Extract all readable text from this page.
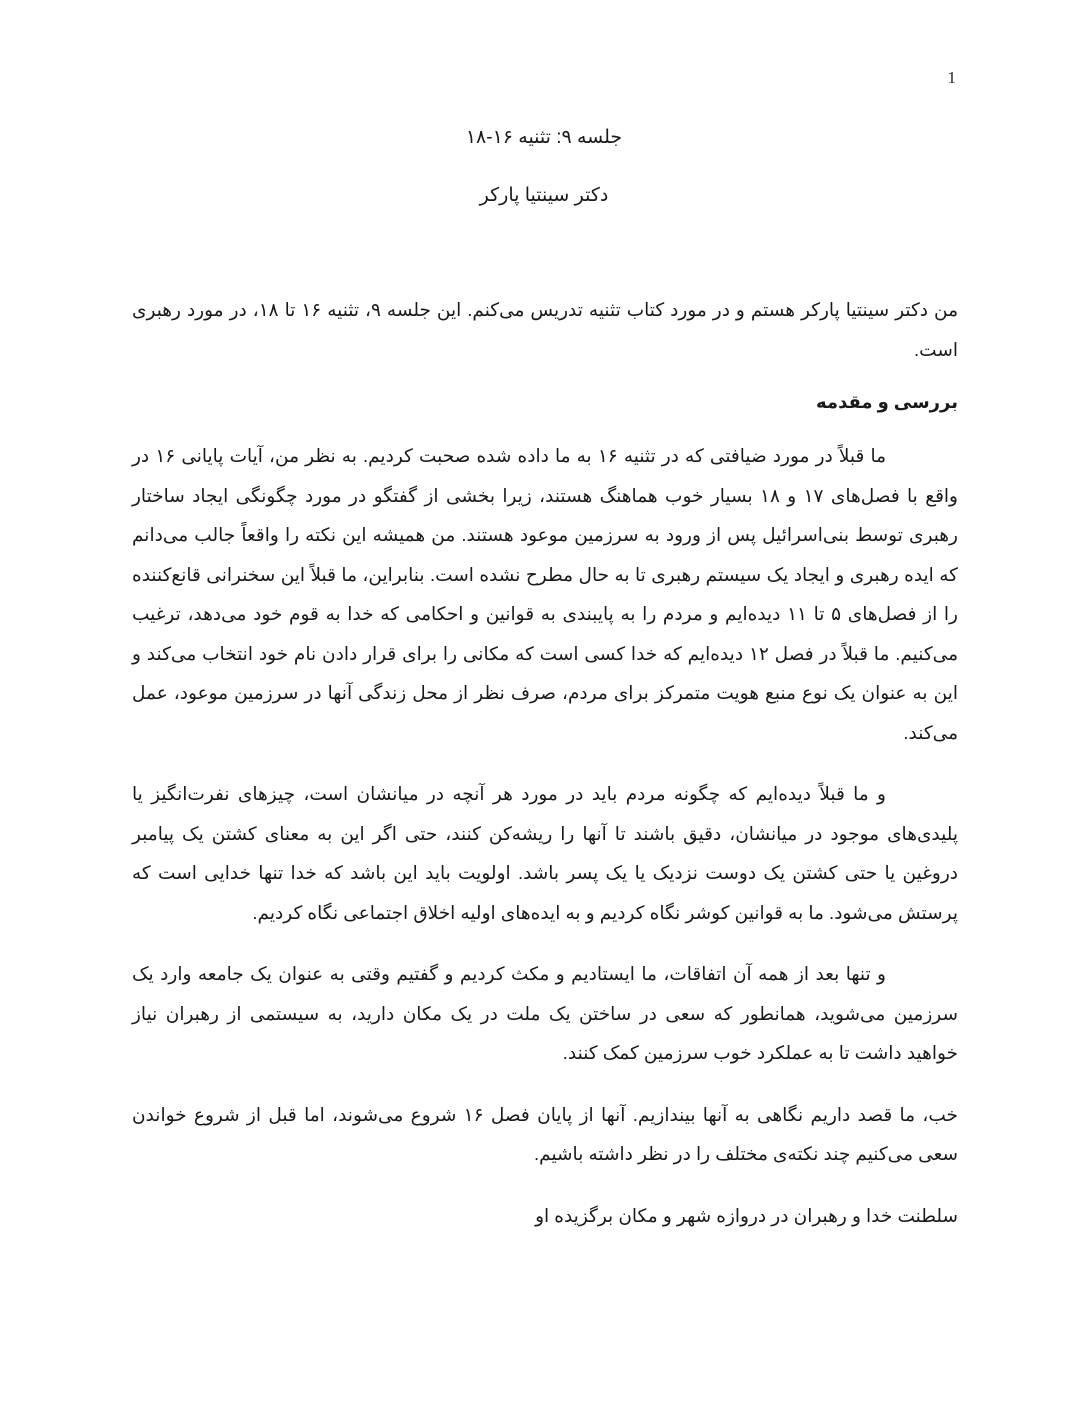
1
جلسه ۹: تثنیه ۱۶-۱۸
دکتر سینتیا پارکر

من دکتر سینتیا پارکر هستم و در مورد کتاب تثنیه تدریس می‌کنم. این جلسه ۹، تثنیه ۱۶ تا ۱۸، در مورد رهبری است.

بررسی و مقدمه

ما قبلاً در مورد ضیافتی که در تثنیه ۱۶ به ما داده شده صحبت کردیم. به نظر من، آیات پایانی ۱۶ در واقع با فصل‌های ۱۷ و ۱۸ بسیار خوب هماهنگ هستند، زیرا بخشی از گفتگو در مورد چگونگی ایجاد ساختار رهبری توسط بنی‌اسرائیل پس از ورود به سرزمین موعود هستند. من همیشه این نکته را واقعاً جالب می‌دانم که ایده رهبری و ایجاد یک سیستم رهبری تا به حال مطرح نشده است. بنابراین، ما قبلاً این سخنرانی قانع‌کننده را از فصل‌های ۵ تا ۱۱ دیده‌ایم و مردم را به پایبندی به قوانین و احکامی که خدا به قوم خود می‌دهد، ترغیب می‌کنیم. ما قبلاً در فصل ۱۲ دیده‌ایم که خدا کسی است که مکانی را برای قرار دادن نام خود انتخاب می‌کند و این به عنوان یک نوع منبع هویت متمرکز برای مردم، صرف نظر از محل زندگی آنها در سرزمین موعود، عمل می‌کند.

و ما قبلاً دیده‌ایم که چگونه مردم باید در مورد هر آنچه در میانشان است، چیزهای نفرت‌انگیز یا پلیدی‌های موجود در میانشان، دقیق باشند تا آنها را ریشه‌کن کنند، حتی اگر این به معنای کشتن یک پیامبر دروغین یا حتی کشتن یک دوست نزدیک یا یک پسر باشد. اولویت باید این باشد که خدا تنها خدایی است که پرستش می‌شود. ما به قوانین کوشر نگاه کردیم و به ایده‌های اولیه اخلاق اجتماعی نگاه کردیم.

و تنها بعد از همه آن اتفاقات، ما ایستادیم و مکث کردیم و گفتیم وقتی به عنوان یک جامعه وارد یک سرزمین می‌شوید، همانطور که سعی در ساختن یک ملت در یک مکان دارید، به سیستمی از رهبران نیاز خواهید داشت تا به عملکرد خوب سرزمین کمک کنند.

خب، ما قصد داریم نگاهی به آنها بیندازیم. آنها از پایان فصل ۱۶ شروع می‌شوند، اما قبل از شروع خواندن سعی می‌کنیم چند نکته‌ی مختلف را در نظر داشته باشیم.

سلطنت خدا و رهبران در دروازه شهر و مکان برگزیده او
